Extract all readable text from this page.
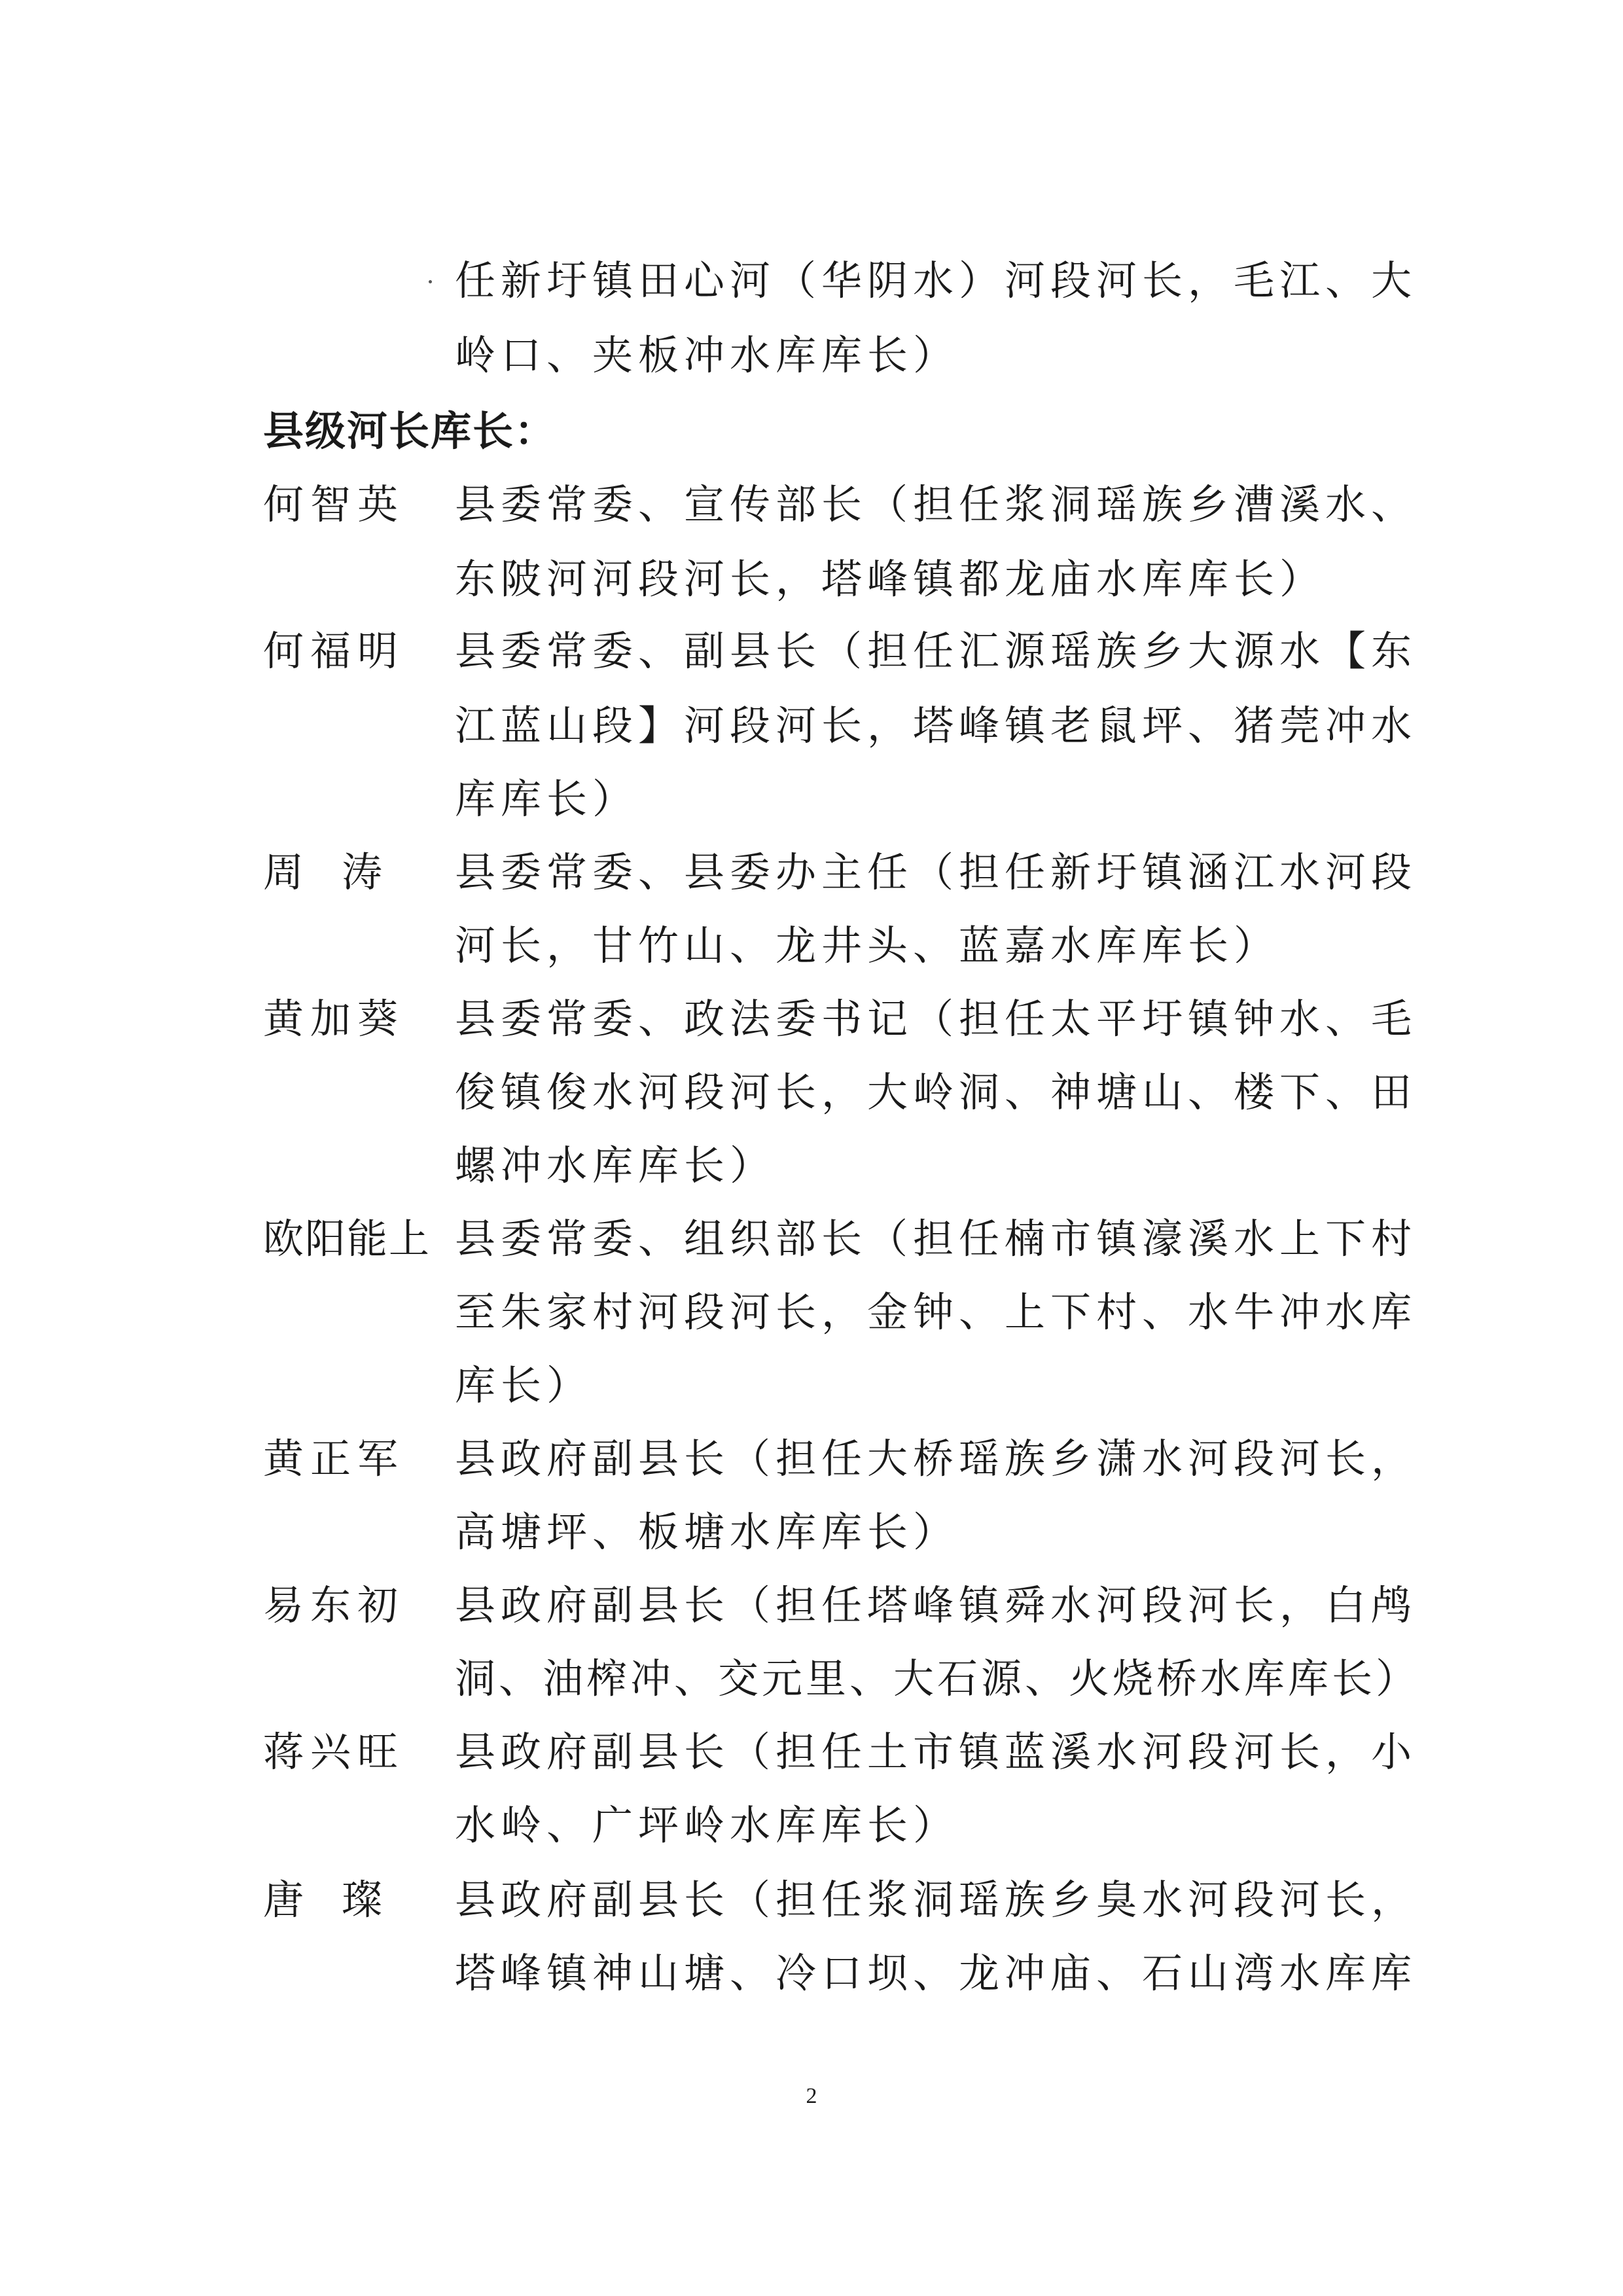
任新圩镇田心河（华阴水）河段河长，毛江、大
岭口、夹板冲水库库长）
县级河长库长：
何智英 县委常委、宣传部长（担任浆洞瑶族乡漕溪水、
东陂河河段河长，塔峰镇都龙庙水库库长）
何福明 县委常委、副县长（担任汇源瑶族乡大源水【东
江蓝山段】河段河长，塔峰镇老鼠坪、猪莞冲水
库库长）
周涛 县委常委、县委办主任（担任新圩镇涵江水河段
河长，甘竹山、龙井头、蓝嘉水库库长）
黄加葵 县委常委、政法委书记（担任太平圩镇钟水、毛
俊镇俊水河段河长，大岭洞、神塘山、楼下、田
螺冲水库库长）
欧阳能上 县委常委、组织部长（担任楠市镇濠溪水上下村
至朱家村河段河长，金钟、上下村、水牛冲水库
库长）
黄正军 县政府副县长（担任大桥瑶族乡潇水河段河长，
高塘坪、板塘水库库长）
易东初 县政府副县长（担任塔峰镇舜水河段河长，白鸬
洞、油榨冲、交元里、大石源、火烧桥水库库长）
蒋兴旺 县政府副县长（担任土市镇蓝溪水河段河长，小
水岭、广坪岭水库库长）
唐璨 县政府副县长（担任浆洞瑶族乡臭水河段河长，
塔峰镇神山塘、冷口坝、龙冲庙、石山湾水库库
2
